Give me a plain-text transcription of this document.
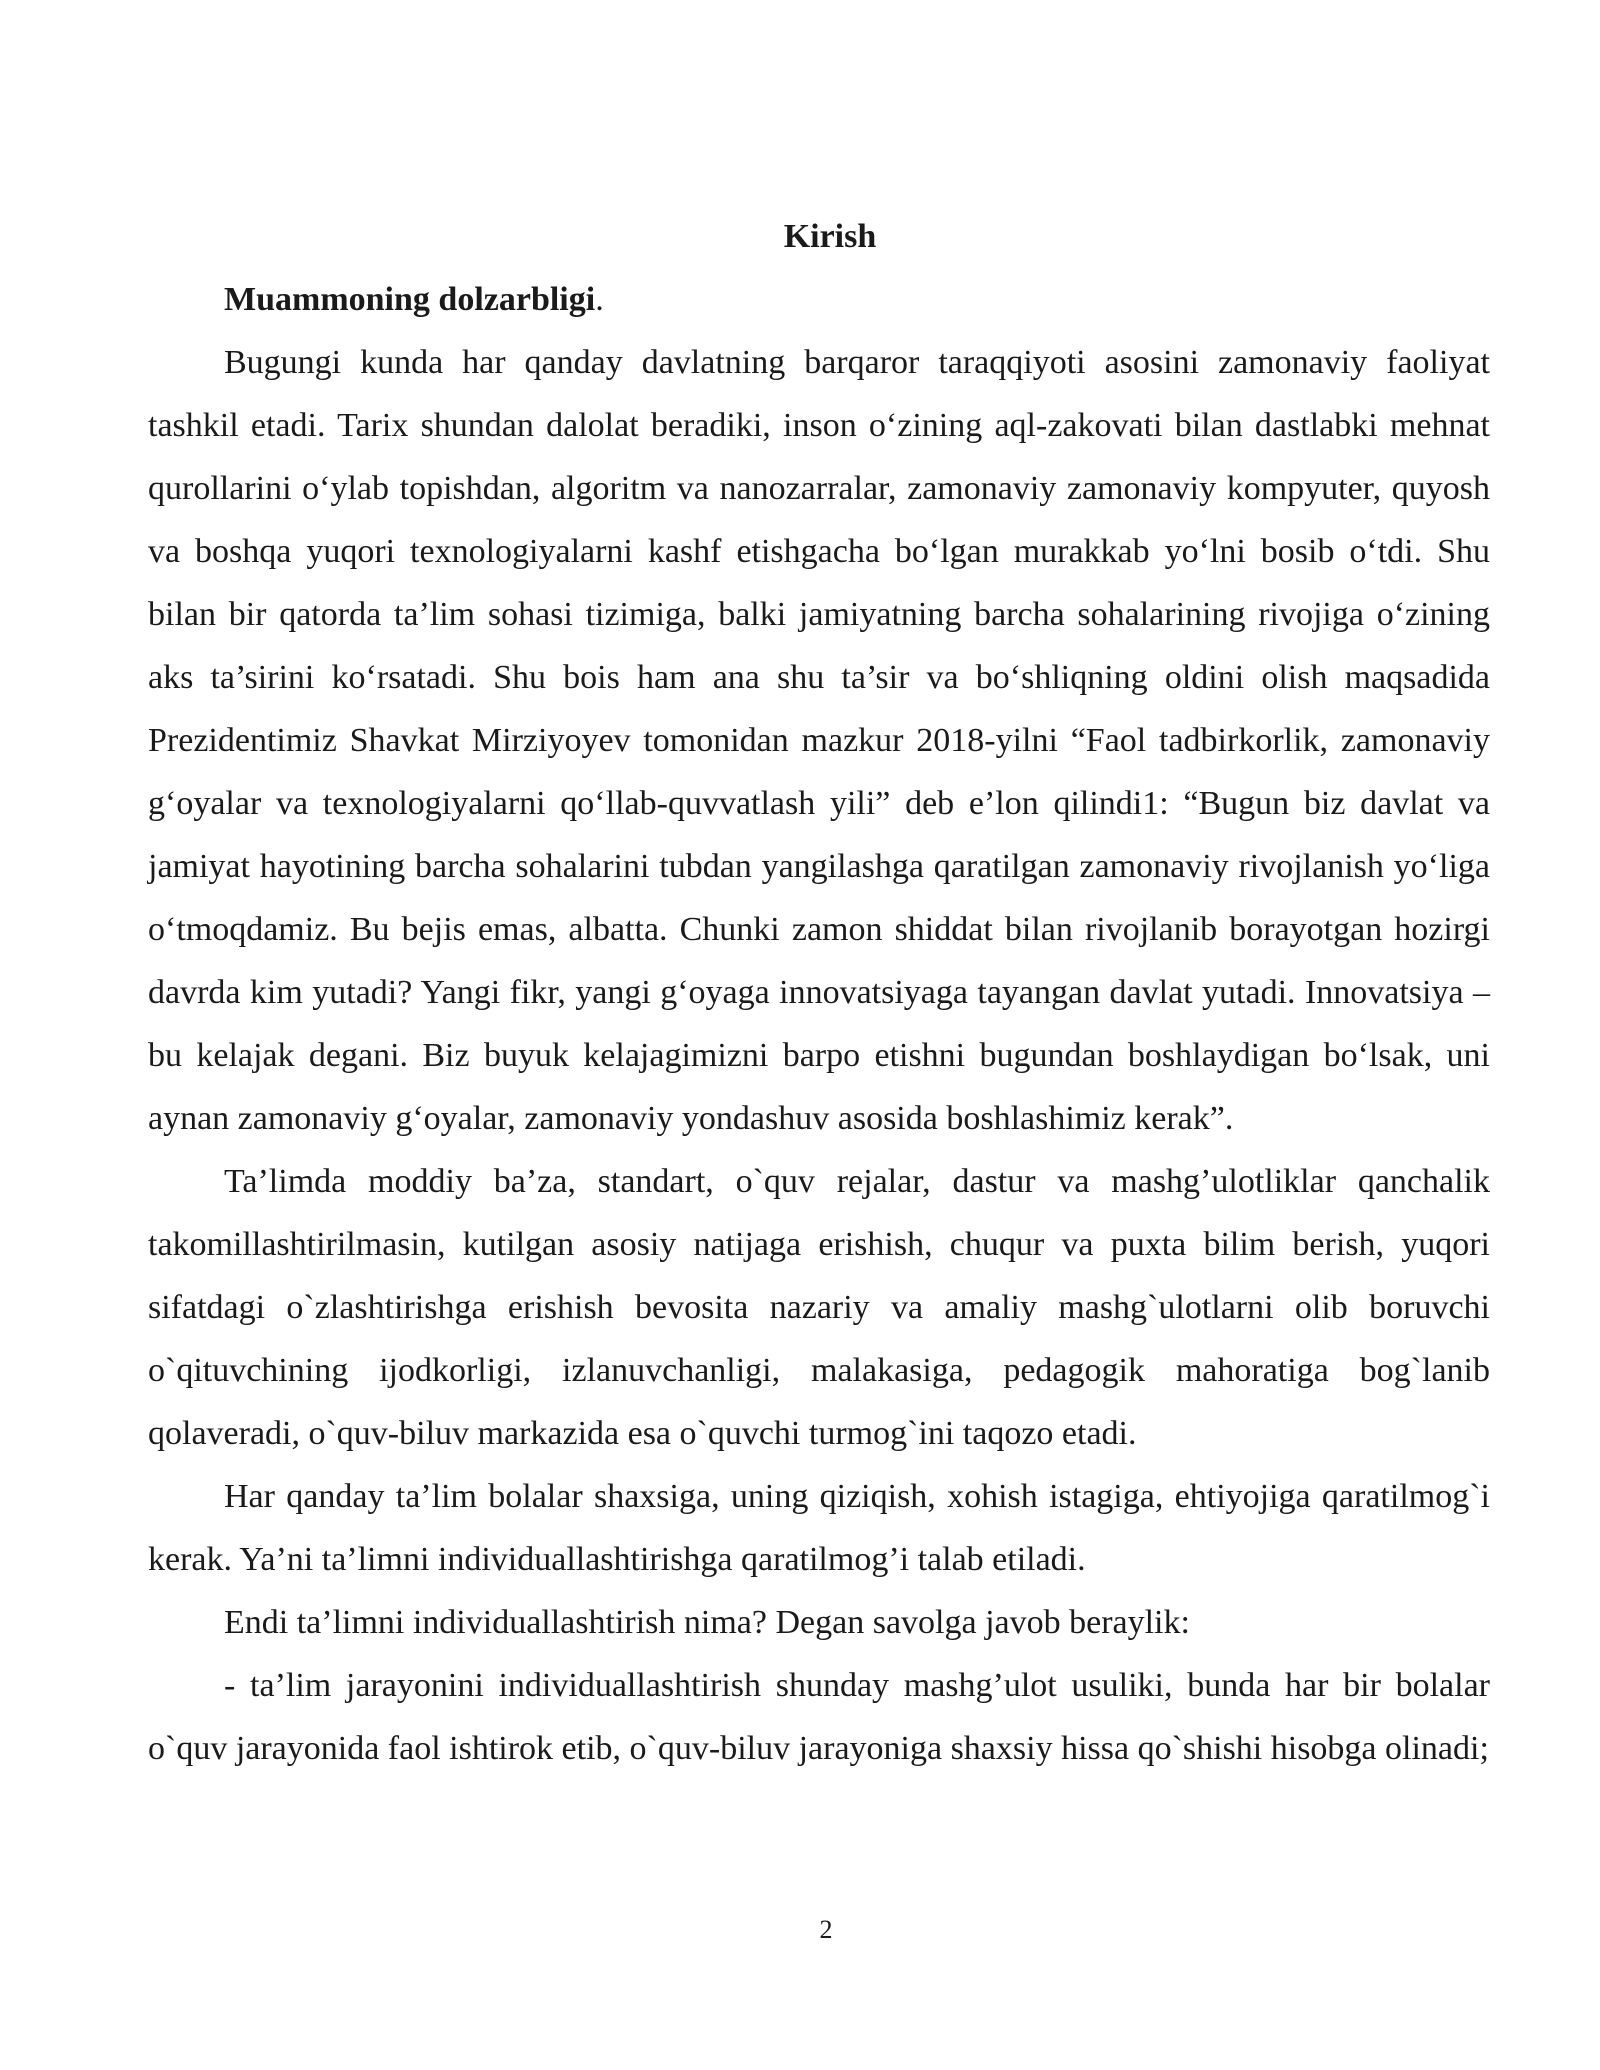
Kirish
Muammoning dolzarbligi.

Bugungi kunda har qanday davlatning barqaror taraqqiyoti asosini zamonaviy faoliyat tashkil etadi. Tarix shundan dalolat beradiki, inson o‘zining aql-zakovati bilan dastlabki mehnat qurollarini o‘ylab topishdan, algoritm va nanozarralar, zamonaviy zamonaviy kompyuter, quyosh va boshqa yuqori texnologiyalarni kashf etishgacha bo‘lgan murakkab yo‘lni bosib o‘tdi. Shu bilan bir qatorda ta’lim sohasi tizimiga, balki jamiyatning barcha sohalarining rivojiga o‘zining aks ta’sirini ko‘rsatadi. Shu bois ham ana shu ta’sir va bo‘shliqning oldini olish maqsadida Prezidentimiz Shavkat Mirziyoyev tomonidan mazkur 2018-yilni “Faol tadbirkorlik, zamonaviy g‘oyalar va texnologiyalarni qo‘llab-quvvatlash yili” deb e’lon qilindi1: “Bugun biz davlat va jamiyat hayotining barcha sohalarini tubdan yangilashga qaratilgan zamonaviy rivojlanish yo‘liga o‘tmoqdamiz. Bu bejis emas, albatta. Chunki zamon shiddat bilan rivojlanib borayotgan hozirgi davrda kim yutadi? Yangi fikr, yangi g‘oyaga innovatsiyaga tayangan davlat yutadi. Innovatsiya – bu kelajak degani. Biz buyuk kelajagimizni barpo etishni bugundan boshlaydigan bo‘lsak, uni aynan zamonaviy g‘oyalar, zamonaviy yondashuv asosida boshlashimiz kerak”.

Ta’limda moddiy ba’za, standart, o`quv rejalar, dastur va mashg’ulotliklar qanchalik takomillashtirilmasin, kutilgan asosiy natijaga erishish, chuqur va puxta bilim berish, yuqori sifatdagi o`zlashtirishga erishish bevosita nazariy va amaliy mashg`ulotlarni olib boruvchi o`qituvchining ijodkorligi, izlanuvchanligi, malakasiga, pedagogik mahoratiga bog`lanib qolaveradi, o`quv-biluv markazida esa o`quvchi turmog`ini taqozo etadi.

Har qanday ta’lim bolalar shaxsiga, uning qiziqish, xohish istagiga, ehtiyojiga qaratilmog`i kerak. Ya’ni ta’limni individuallashtirishga qaratilmog’i talab etiladi.

Endi ta’limni individuallashtirish nima? Degan savolga javob beraylik:

- ta’lim jarayonini individuallashtirish shunday mashg’ulot usuliki, bunda har bir bolalar o`quv jarayonida faol ishtirok etib, o`quv-biluv jarayoniga shaxsiy hissa qo`shishi hisobga olinadi;

2
